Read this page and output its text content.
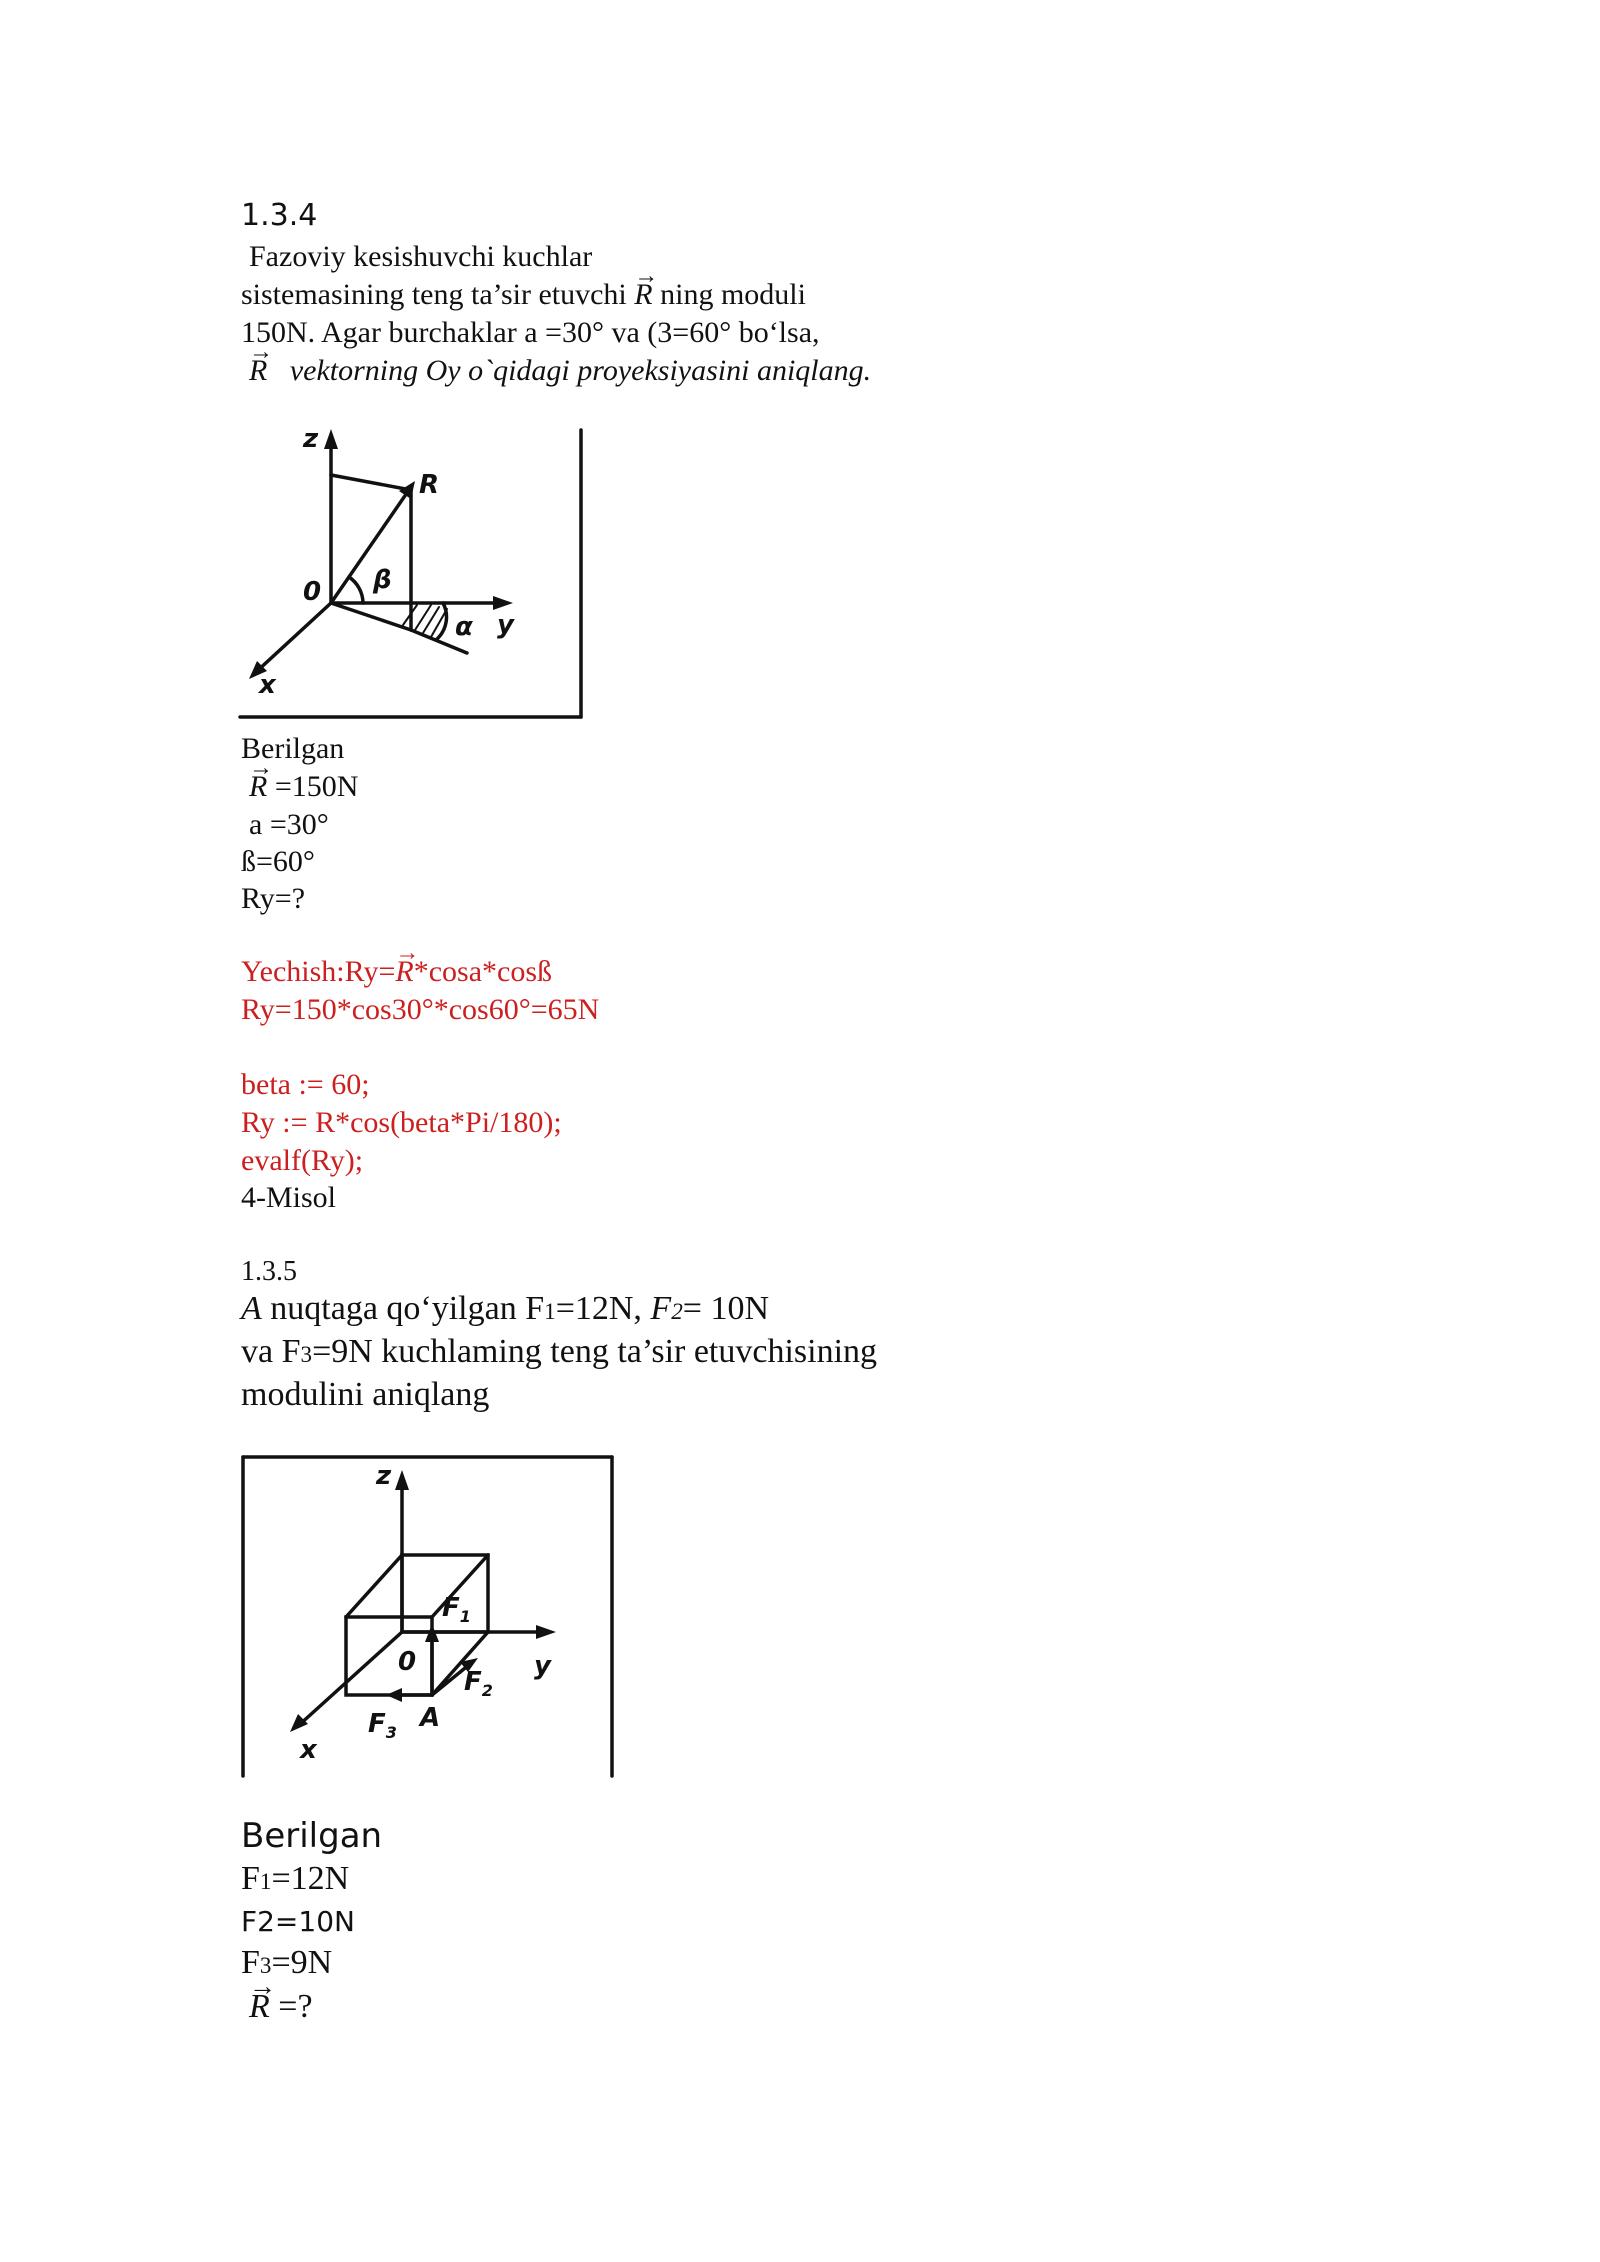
1.3.4
Fazoviy kesishuvchi kuchlar
sistemasining teng ta’sir etuvchi → R ning moduli
150N. Agar burchaklar a =30° va (3=60° bo‘lsa,
→ R vektorning Oy o`qidagi proyeksiyasini aniqlang.
z
R
0 β
α y
x
Berilgan
→ R =150N
a =30°
ß=60°
Ry=?
Yechish:Ry=→ R*cosa*cosß
Ry=150*cos30°*cos60°=65N
beta := 60;
Ry := R*cos(beta*Pi/180);
evalf(Ry);
4-Misol
1.3.5
A nuqtaga qo‘yilgan F1=12N, F2= 10N
va F3=9N kuchlaming teng ta’sir etuvchisining
modulini aniqlang
z
y
x
0
A
$F_1$
$F_2$
$F_3$
Berilgan
F1=12N
F2=10N
F3=9N
→ R =?
